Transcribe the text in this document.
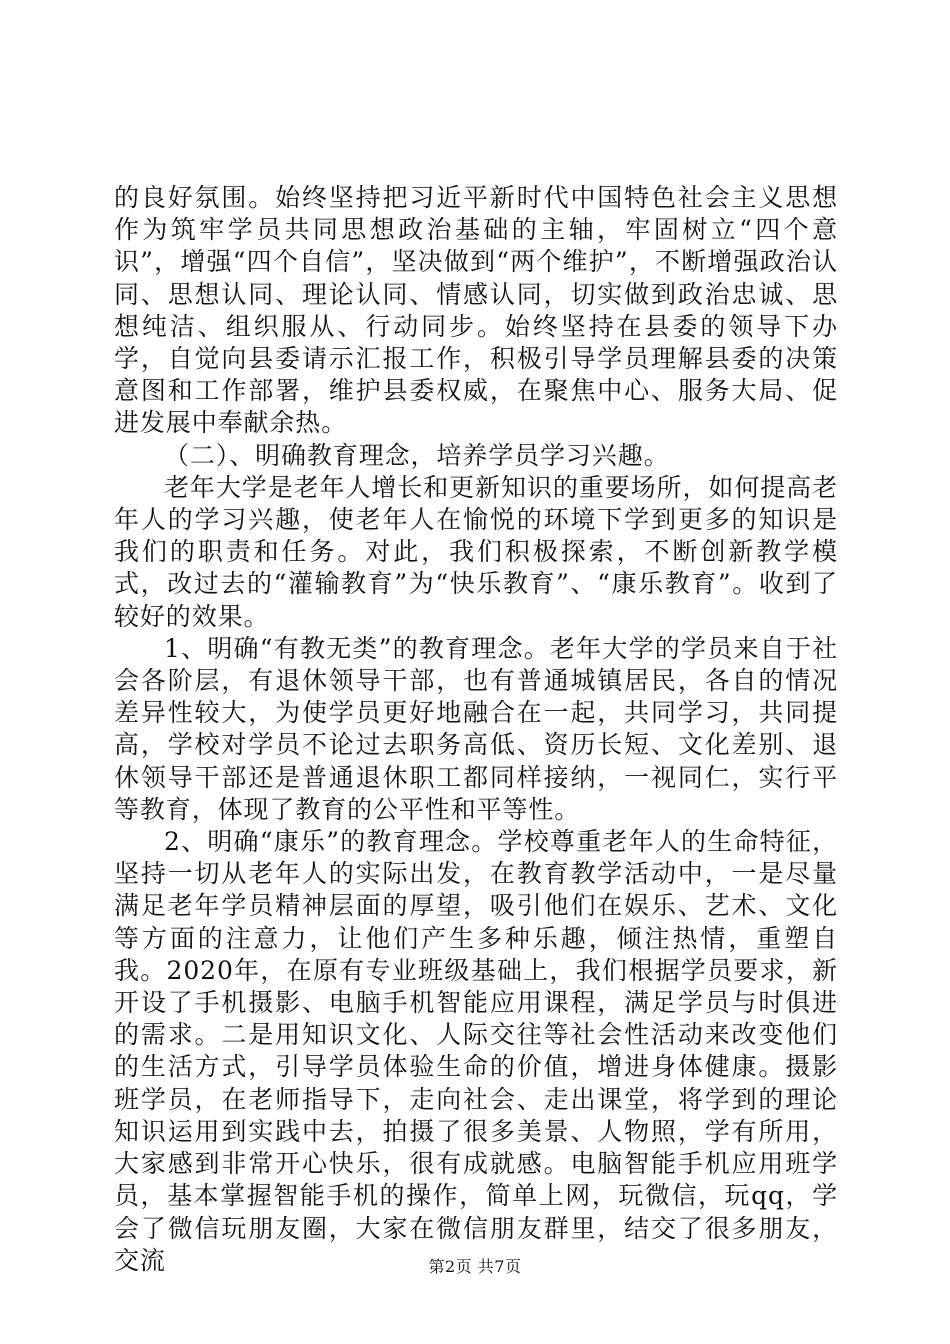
的良好氛围。始终坚持把习近平新时代中国特色社会主义思想作为筑牢学员共同思想政治基础的主轴，牢固树立“四个意识”，增强“四个自信”，坚决做到“两个维护”，不断增强政治认同、思想认同、理论认同、情感认同，切实做到政治忠诚、思想纯洁、组织服从、行动同步。始终坚持在县委的领导下办学，自觉向县委请示汇报工作，积极引导学员理解县委的决策意图和工作部署，维护县委权威，在聚焦中心、服务大局、促进发展中奉献余热。

（二）、明确教育理念，培养学员学习兴趣。

老年大学是老年人增长和更新知识的重要场所，如何提高老年人的学习兴趣，使老年人在愉悦的环境下学到更多的知识是我们的职责和任务。对此，我们积极探索，不断创新教学模式，改过去的“灌输教育”为“快乐教育”、“康乐教育”。收到了较好的效果。

1、明确“有教无类”的教育理念。老年大学的学员来自于社会各阶层，有退休领导干部，也有普通城镇居民，各自的情况差异性较大，为使学员更好地融合在一起，共同学习，共同提高，学校对学员不论过去职务高低、资历长短、文化差别、退休领导干部还是普通退休职工都同样接纳，一视同仁，实行平等教育，体现了教育的公平性和平等性。

2、明确“康乐”的教育理念。学校尊重老年人的生命特征，坚持一切从老年人的实际出发，在教育教学活动中，一是尽量满足老年学员精神层面的厚望，吸引他们在娱乐、艺术、文化等方面的注意力，让他们产生多种乐趣，倾注热情，重塑自我。2020年，在原有专业班级基础上，我们根据学员要求，新开设了手机摄影、电脑手机智能应用课程，满足学员与时俱进的需求。二是用知识文化、人际交往等社会性活动来改变他们的生活方式，引导学员体验生命的价值，增进身体健康。摄影班学员，在老师指导下，走向社会、走出课堂，将学到的理论知识运用到实践中去，拍摄了很多美景、人物照，学有所用，大家感到非常开心快乐，很有成就感。电脑智能手机应用班学员，基本掌握智能手机的操作，简单上网，玩微信，玩qq，学会了微信玩朋友圈，大家在微信朋友群里，结交了很多朋友，交流	第2页 共7页
